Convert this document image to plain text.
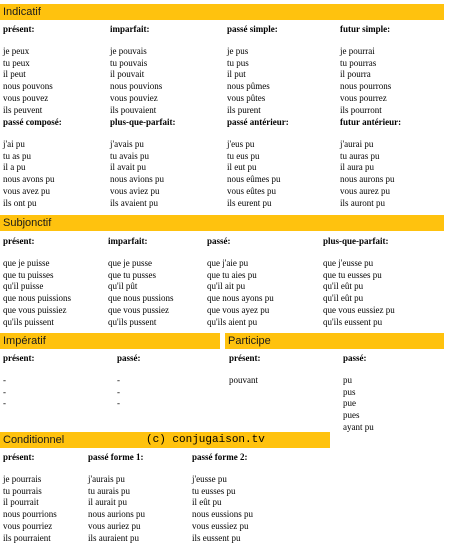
Indicatif
présent:
je peux
tu peux
il peut
nous pouvons
vous pouvez
ils peuvent
imparfait:
je pouvais
tu pouvais
il pouvait
nous pouvions
vous pouviez
ils pouvaient
passé simple:
je pus
tu pus
il put
nous pûmes
vous pûtes
ils purent
futur simple:
je pourrai
tu pourras
il pourra
nous pourrons
vous pourrez
ils pourront
passé composé:
j'ai pu
tu as pu
il a pu
nous avons pu
vous avez pu
ils ont pu
plus-que-parfait:
j'avais pu
tu avais pu
il avait pu
nous avions pu
vous aviez pu
ils avaient pu
passé antérieur:
j'eus pu
tu eus pu
il eut pu
nous eûmes pu
vous eûtes pu
ils eurent pu
futur antérieur:
j'aurai pu
tu auras pu
il aura pu
nous aurons pu
vous aurez pu
ils auront pu
Subjonctif
présent:
que je puisse
que tu puisses
qu'il puisse
que nous puissions
que vous puissiez
qu'ils puissent
imparfait:
que je pusse
que tu pusses
qu'il pût
que nous pussions
que vous pussiez
qu'ils pussent
passé:
que j'aie pu
que tu aies pu
qu'il ait pu
que nous ayons pu
que vous ayez pu
qu'ils aient pu
plus-que-parfait:
que j'eusse pu
que tu eusses pu
qu'il eût pu
qu'il eût pu
que vous eussiez pu
qu'ils eussent pu
Impératif	Participe
présent:
-
-
-
passé:
-
-
-
présent:
pouvant
passé:
pu
pus
pue
pues
ayant pu
Conditionnel	(c) conjugaison.tv
présent:
je pourrais
tu pourrais
il pourrait
nous pourrions
vous pourriez
ils pourraient
passé forme 1:
j'aurais pu
tu aurais pu
il aurait pu
nous aurions pu
vous auriez pu
ils auraient pu
passé forme 2:
j'eusse pu
tu eusses pu
il eût pu
nous eussions pu
vous eussiez pu
ils eussent pu
